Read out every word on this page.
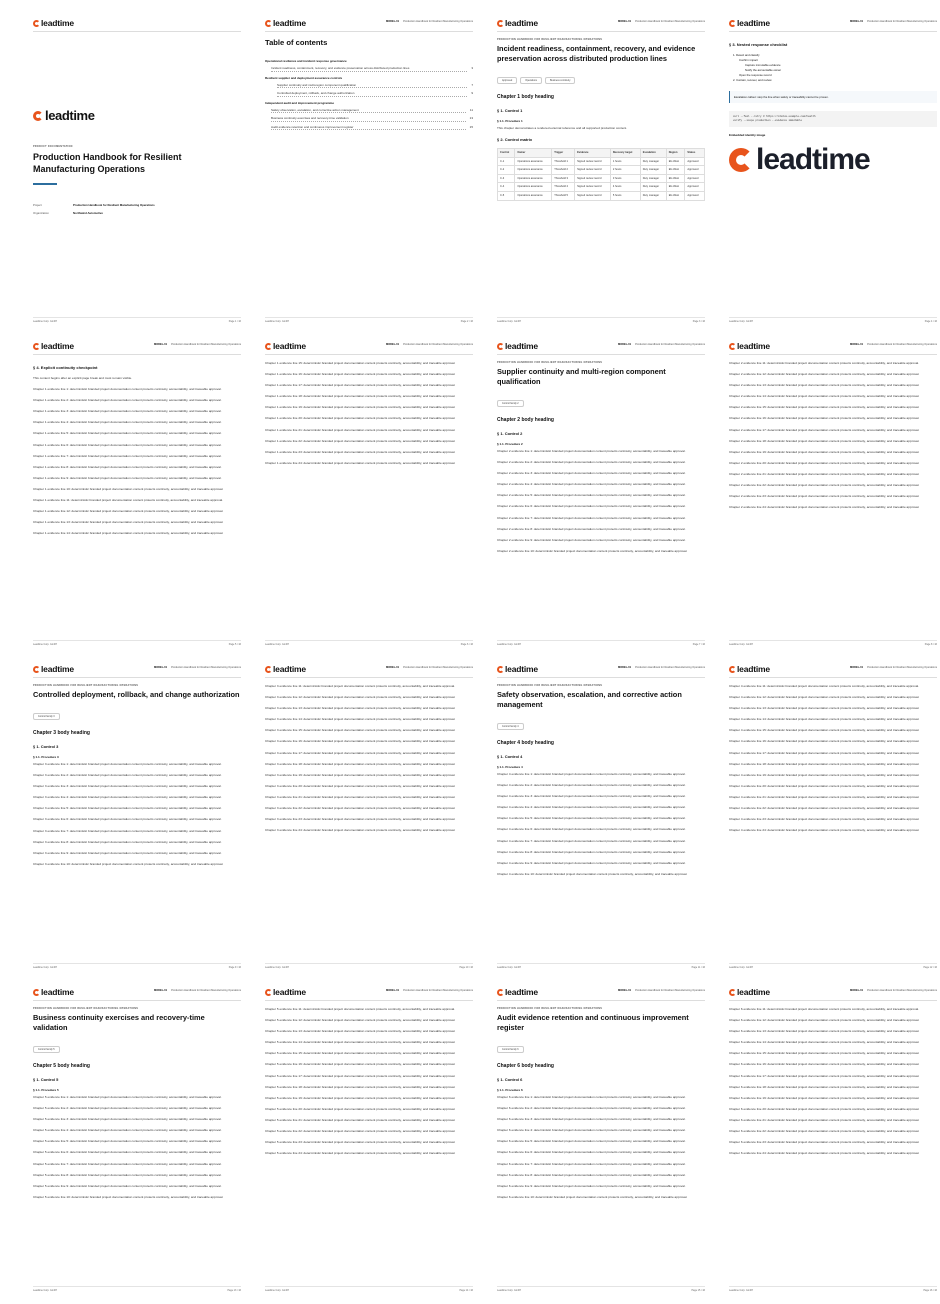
leadtime
Leadtime Corp. GmbH	Page 1 / 16
leadtime
PRODUCT DOCUMENTATION
Production Handbook for Resilient Manufacturing Operations
Project	Production Handbook for Resilient Manufacturing Operations
Organization	Northwind Automotive
leadtime	MODEL-01 Production Handbook for Resilient Manufacturing Operations
Leadtime Corp. GmbH	Page 2 / 16
Table of contents
Operational resilience and incident response governance
Incident readiness, containment, recovery, and evidence preservation across distributed production lines	3
Resilient supplier and deployment assurance controls
Supplier continuity and multi-region component qualification	7
Controlled deployment, rollback, and change authorization	9
Independent audit and improvement programme
Safety observation, escalation, and corrective action management	11
Business continuity exercises and recovery-time validation	13
Audit evidence retention and continuous improvement register	15
leadtime	MODEL-01 Production Handbook for Resilient Manufacturing Operations
Leadtime Corp. GmbH	Page 3 / 16
PRODUCTION HANDBOOK FOR RESILIENT MANUFACTURING OPERATIONS
Incident readiness, containment, recovery, and evidence preservation across distributed production lines
Approved	Operations	Business continuity
Chapter 1 body heading
§ 1. Control 1
§ 1.1. Procedure 1
This chapter demonstrates a rendered external reference and all supported production content.
§ 2. Control matrix
Control	Owner	Trigger	Evidence	Recovery target	Escalation	Region	Status
C-1	Operations assurance	Threshold 1	Signed review record	1 hours	Duty manager	EU-West	Approved
C-2	Operations assurance	Threshold 2	Signed review record	2 hours	Duty manager	EU-West	Approved
C-3	Operations assurance	Threshold 3	Signed review record	3 hours	Duty manager	EU-West	Approved
C-4	Operations assurance	Threshold 4	Signed review record	4 hours	Duty manager	EU-West	Approved
C-5	Operations assurance	Threshold 5	Signed review record	5 hours	Duty manager	EU-West	Approved
leadtime	MODEL-01 Production Handbook for Resilient Manufacturing Operations
Leadtime Corp. GmbH	Page 4 / 16
§ 3. Nested response checklist
1. Detect and classify
Confirm impact
Capture immutable evidence
Notify the accountable owner
Open the response record
2. Contain, recover, and review
Escalation callout: stop the line when safety or traceability cannot be proven.
curl --fail --retry 3 https://status.example.com/health
verify --scope production --evidence immutable
Embedded identity image
leadtime
leadtime	MODEL-01 Production Handbook for Resilient Manufacturing Operations
Leadtime Corp. GmbH	Page 5 / 16
§ 4. Explicit continuity checkpoint
This content begins after an explicit page break and must remain visible.
Chapter 1 evidence line 1: deterministic branded project documentation content protects continuity, accountability, and traceable approval.
Chapter 1 evidence line 2: deterministic branded project documentation content protects continuity, accountability, and traceable approval.
Chapter 1 evidence line 3: deterministic branded project documentation content protects continuity, accountability, and traceable approval.
Chapter 1 evidence line 4: deterministic branded project documentation content protects continuity, accountability, and traceable approval.
Chapter 1 evidence line 5: deterministic branded project documentation content protects continuity, accountability, and traceable approval.
Chapter 1 evidence line 6: deterministic branded project documentation content protects continuity, accountability, and traceable approval.
Chapter 1 evidence line 7: deterministic branded project documentation content protects continuity, accountability, and traceable approval.
Chapter 1 evidence line 8: deterministic branded project documentation content protects continuity, accountability, and traceable approval.
Chapter 1 evidence line 9: deterministic branded project documentation content protects continuity, accountability, and traceable approval.
Chapter 1 evidence line 10: deterministic branded project documentation content protects continuity, accountability, and traceable approval.
Chapter 1 evidence line 11: deterministic branded project documentation content protects continuity, accountability, and traceable approval.
Chapter 1 evidence line 12: deterministic branded project documentation content protects continuity, accountability, and traceable approval.
Chapter 1 evidence line 13: deterministic branded project documentation content protects continuity, accountability, and traceable approval.
Chapter 1 evidence line 14: deterministic branded project documentation content protects continuity, accountability, and traceable approval.
leadtime	MODEL-01 Production Handbook for Resilient Manufacturing Operations
Leadtime Corp. GmbH	Page 6 / 16
Chapter 1 evidence line 15: deterministic branded project documentation content protects continuity, accountability, and traceable approval.
Chapter 1 evidence line 16: deterministic branded project documentation content protects continuity, accountability, and traceable approval.
Chapter 1 evidence line 17: deterministic branded project documentation content protects continuity, accountability, and traceable approval.
Chapter 1 evidence line 18: deterministic branded project documentation content protects continuity, accountability, and traceable approval.
Chapter 1 evidence line 19: deterministic branded project documentation content protects continuity, accountability, and traceable approval.
Chapter 1 evidence line 20: deterministic branded project documentation content protects continuity, accountability, and traceable approval.
Chapter 1 evidence line 21: deterministic branded project documentation content protects continuity, accountability, and traceable approval.
Chapter 1 evidence line 22: deterministic branded project documentation content protects continuity, accountability, and traceable approval.
Chapter 1 evidence line 23: deterministic branded project documentation content protects continuity, accountability, and traceable approval.
Chapter 1 evidence line 24: deterministic branded project documentation content protects continuity, accountability, and traceable approval.
leadtime	MODEL-01 Production Handbook for Resilient Manufacturing Operations
Leadtime Corp. GmbH	Page 7 / 16
PRODUCTION HANDBOOK FOR RESILIENT MANUFACTURING OPERATIONS
Supplier continuity and multi-region component qualification
Control family 2
Chapter 2 body heading
§ 1. Control 2
§ 1.1. Procedure 2
Chapter 2 evidence line 1: deterministic branded project documentation content protects continuity, accountability, and traceable approval.
Chapter 2 evidence line 2: deterministic branded project documentation content protects continuity, accountability, and traceable approval.
Chapter 2 evidence line 3: deterministic branded project documentation content protects continuity, accountability, and traceable approval.
Chapter 2 evidence line 4: deterministic branded project documentation content protects continuity, accountability, and traceable approval.
Chapter 2 evidence line 5: deterministic branded project documentation content protects continuity, accountability, and traceable approval.
Chapter 2 evidence line 6: deterministic branded project documentation content protects continuity, accountability, and traceable approval.
Chapter 2 evidence line 7: deterministic branded project documentation content protects continuity, accountability, and traceable approval.
Chapter 2 evidence line 8: deterministic branded project documentation content protects continuity, accountability, and traceable approval.
Chapter 2 evidence line 9: deterministic branded project documentation content protects continuity, accountability, and traceable approval.
Chapter 2 evidence line 10: deterministic branded project documentation content protects continuity, accountability, and traceable approval.
leadtime	MODEL-01 Production Handbook for Resilient Manufacturing Operations
Leadtime Corp. GmbH	Page 8 / 16
Chapter 2 evidence line 11: deterministic branded project documentation content protects continuity, accountability, and traceable approval.
Chapter 2 evidence line 12: deterministic branded project documentation content protects continuity, accountability, and traceable approval.
Chapter 2 evidence line 13: deterministic branded project documentation content protects continuity, accountability, and traceable approval.
Chapter 2 evidence line 14: deterministic branded project documentation content protects continuity, accountability, and traceable approval.
Chapter 2 evidence line 15: deterministic branded project documentation content protects continuity, accountability, and traceable approval.
Chapter 2 evidence line 16: deterministic branded project documentation content protects continuity, accountability, and traceable approval.
Chapter 2 evidence line 17: deterministic branded project documentation content protects continuity, accountability, and traceable approval.
Chapter 2 evidence line 18: deterministic branded project documentation content protects continuity, accountability, and traceable approval.
Chapter 2 evidence line 19: deterministic branded project documentation content protects continuity, accountability, and traceable approval.
Chapter 2 evidence line 20: deterministic branded project documentation content protects continuity, accountability, and traceable approval.
Chapter 2 evidence line 21: deterministic branded project documentation content protects continuity, accountability, and traceable approval.
Chapter 2 evidence line 22: deterministic branded project documentation content protects continuity, accountability, and traceable approval.
Chapter 2 evidence line 23: deterministic branded project documentation content protects continuity, accountability, and traceable approval.
Chapter 2 evidence line 24: deterministic branded project documentation content protects continuity, accountability, and traceable approval.
leadtime	MODEL-01 Production Handbook for Resilient Manufacturing Operations
Leadtime Corp. GmbH	Page 9 / 16
PRODUCTION HANDBOOK FOR RESILIENT MANUFACTURING OPERATIONS
Controlled deployment, rollback, and change authorization
Control family 3
Chapter 3 body heading
§ 1. Control 3
§ 1.1. Procedure 3
Chapter 3 evidence line 1: deterministic branded project documentation content protects continuity, accountability, and traceable approval.
Chapter 3 evidence line 2: deterministic branded project documentation content protects continuity, accountability, and traceable approval.
Chapter 3 evidence line 3: deterministic branded project documentation content protects continuity, accountability, and traceable approval.
Chapter 3 evidence line 4: deterministic branded project documentation content protects continuity, accountability, and traceable approval.
Chapter 3 evidence line 5: deterministic branded project documentation content protects continuity, accountability, and traceable approval.
Chapter 3 evidence line 6: deterministic branded project documentation content protects continuity, accountability, and traceable approval.
Chapter 3 evidence line 7: deterministic branded project documentation content protects continuity, accountability, and traceable approval.
Chapter 3 evidence line 8: deterministic branded project documentation content protects continuity, accountability, and traceable approval.
Chapter 3 evidence line 9: deterministic branded project documentation content protects continuity, accountability, and traceable approval.
Chapter 3 evidence line 10: deterministic branded project documentation content protects continuity, accountability, and traceable approval.
leadtime	MODEL-01 Production Handbook for Resilient Manufacturing Operations
Leadtime Corp. GmbH	Page 10 / 16
Chapter 3 evidence line 11: deterministic branded project documentation content protects continuity, accountability, and traceable approval.
Chapter 3 evidence line 12: deterministic branded project documentation content protects continuity, accountability, and traceable approval.
Chapter 3 evidence line 13: deterministic branded project documentation content protects continuity, accountability, and traceable approval.
Chapter 3 evidence line 14: deterministic branded project documentation content protects continuity, accountability, and traceable approval.
Chapter 3 evidence line 15: deterministic branded project documentation content protects continuity, accountability, and traceable approval.
Chapter 3 evidence line 16: deterministic branded project documentation content protects continuity, accountability, and traceable approval.
Chapter 3 evidence line 17: deterministic branded project documentation content protects continuity, accountability, and traceable approval.
Chapter 3 evidence line 18: deterministic branded project documentation content protects continuity, accountability, and traceable approval.
Chapter 3 evidence line 19: deterministic branded project documentation content protects continuity, accountability, and traceable approval.
Chapter 3 evidence line 20: deterministic branded project documentation content protects continuity, accountability, and traceable approval.
Chapter 3 evidence line 21: deterministic branded project documentation content protects continuity, accountability, and traceable approval.
Chapter 3 evidence line 22: deterministic branded project documentation content protects continuity, accountability, and traceable approval.
Chapter 3 evidence line 23: deterministic branded project documentation content protects continuity, accountability, and traceable approval.
Chapter 3 evidence line 24: deterministic branded project documentation content protects continuity, accountability, and traceable approval.
leadtime	MODEL-01 Production Handbook for Resilient Manufacturing Operations
Leadtime Corp. GmbH	Page 11 / 16
PRODUCTION HANDBOOK FOR RESILIENT MANUFACTURING OPERATIONS
Safety observation, escalation, and corrective action management
Control family 4
Chapter 4 body heading
§ 1. Control 4
§ 1.1. Procedure 4
Chapter 4 evidence line 1: deterministic branded project documentation content protects continuity, accountability, and traceable approval.
Chapter 4 evidence line 2: deterministic branded project documentation content protects continuity, accountability, and traceable approval.
Chapter 4 evidence line 3: deterministic branded project documentation content protects continuity, accountability, and traceable approval.
Chapter 4 evidence line 4: deterministic branded project documentation content protects continuity, accountability, and traceable approval.
Chapter 4 evidence line 5: deterministic branded project documentation content protects continuity, accountability, and traceable approval.
Chapter 4 evidence line 6: deterministic branded project documentation content protects continuity, accountability, and traceable approval.
Chapter 4 evidence line 7: deterministic branded project documentation content protects continuity, accountability, and traceable approval.
Chapter 4 evidence line 8: deterministic branded project documentation content protects continuity, accountability, and traceable approval.
Chapter 4 evidence line 9: deterministic branded project documentation content protects continuity, accountability, and traceable approval.
Chapter 4 evidence line 10: deterministic branded project documentation content protects continuity, accountability, and traceable approval.
leadtime	MODEL-01 Production Handbook for Resilient Manufacturing Operations
Leadtime Corp. GmbH	Page 12 / 16
Chapter 4 evidence line 11: deterministic branded project documentation content protects continuity, accountability, and traceable approval.
Chapter 4 evidence line 12: deterministic branded project documentation content protects continuity, accountability, and traceable approval.
Chapter 4 evidence line 13: deterministic branded project documentation content protects continuity, accountability, and traceable approval.
Chapter 4 evidence line 14: deterministic branded project documentation content protects continuity, accountability, and traceable approval.
Chapter 4 evidence line 15: deterministic branded project documentation content protects continuity, accountability, and traceable approval.
Chapter 4 evidence line 16: deterministic branded project documentation content protects continuity, accountability, and traceable approval.
Chapter 4 evidence line 17: deterministic branded project documentation content protects continuity, accountability, and traceable approval.
Chapter 4 evidence line 18: deterministic branded project documentation content protects continuity, accountability, and traceable approval.
Chapter 4 evidence line 19: deterministic branded project documentation content protects continuity, accountability, and traceable approval.
Chapter 4 evidence line 20: deterministic branded project documentation content protects continuity, accountability, and traceable approval.
Chapter 4 evidence line 21: deterministic branded project documentation content protects continuity, accountability, and traceable approval.
Chapter 4 evidence line 22: deterministic branded project documentation content protects continuity, accountability, and traceable approval.
Chapter 4 evidence line 23: deterministic branded project documentation content protects continuity, accountability, and traceable approval.
Chapter 4 evidence line 24: deterministic branded project documentation content protects continuity, accountability, and traceable approval.
leadtime	MODEL-01 Production Handbook for Resilient Manufacturing Operations
Leadtime Corp. GmbH	Page 13 / 16
PRODUCTION HANDBOOK FOR RESILIENT MANUFACTURING OPERATIONS
Business continuity exercises and recovery-time validation
Control family 5
Chapter 5 body heading
§ 1. Control 5
§ 1.1. Procedure 5
Chapter 5 evidence line 1: deterministic branded project documentation content protects continuity, accountability, and traceable approval.
Chapter 5 evidence line 2: deterministic branded project documentation content protects continuity, accountability, and traceable approval.
Chapter 5 evidence line 3: deterministic branded project documentation content protects continuity, accountability, and traceable approval.
Chapter 5 evidence line 4: deterministic branded project documentation content protects continuity, accountability, and traceable approval.
Chapter 5 evidence line 5: deterministic branded project documentation content protects continuity, accountability, and traceable approval.
Chapter 5 evidence line 6: deterministic branded project documentation content protects continuity, accountability, and traceable approval.
Chapter 5 evidence line 7: deterministic branded project documentation content protects continuity, accountability, and traceable approval.
Chapter 5 evidence line 8: deterministic branded project documentation content protects continuity, accountability, and traceable approval.
Chapter 5 evidence line 9: deterministic branded project documentation content protects continuity, accountability, and traceable approval.
Chapter 5 evidence line 10: deterministic branded project documentation content protects continuity, accountability, and traceable approval.
leadtime	MODEL-01 Production Handbook for Resilient Manufacturing Operations
Leadtime Corp. GmbH	Page 14 / 16
Chapter 5 evidence line 11: deterministic branded project documentation content protects continuity, accountability, and traceable approval.
Chapter 5 evidence line 12: deterministic branded project documentation content protects continuity, accountability, and traceable approval.
Chapter 5 evidence line 13: deterministic branded project documentation content protects continuity, accountability, and traceable approval.
Chapter 5 evidence line 14: deterministic branded project documentation content protects continuity, accountability, and traceable approval.
Chapter 5 evidence line 15: deterministic branded project documentation content protects continuity, accountability, and traceable approval.
Chapter 5 evidence line 16: deterministic branded project documentation content protects continuity, accountability, and traceable approval.
Chapter 5 evidence line 17: deterministic branded project documentation content protects continuity, accountability, and traceable approval.
Chapter 5 evidence line 18: deterministic branded project documentation content protects continuity, accountability, and traceable approval.
Chapter 5 evidence line 19: deterministic branded project documentation content protects continuity, accountability, and traceable approval.
Chapter 5 evidence line 20: deterministic branded project documentation content protects continuity, accountability, and traceable approval.
Chapter 5 evidence line 21: deterministic branded project documentation content protects continuity, accountability, and traceable approval.
Chapter 5 evidence line 22: deterministic branded project documentation content protects continuity, accountability, and traceable approval.
Chapter 5 evidence line 23: deterministic branded project documentation content protects continuity, accountability, and traceable approval.
Chapter 5 evidence line 24: deterministic branded project documentation content protects continuity, accountability, and traceable approval.
leadtime	MODEL-01 Production Handbook for Resilient Manufacturing Operations
Leadtime Corp. GmbH	Page 15 / 16
PRODUCTION HANDBOOK FOR RESILIENT MANUFACTURING OPERATIONS
Audit evidence retention and continuous improvement register
Control family 6
Chapter 6 body heading
§ 1. Control 6
§ 1.1. Procedure 6
Chapter 6 evidence line 1: deterministic branded project documentation content protects continuity, accountability, and traceable approval.
Chapter 6 evidence line 2: deterministic branded project documentation content protects continuity, accountability, and traceable approval.
Chapter 6 evidence line 3: deterministic branded project documentation content protects continuity, accountability, and traceable approval.
Chapter 6 evidence line 4: deterministic branded project documentation content protects continuity, accountability, and traceable approval.
Chapter 6 evidence line 5: deterministic branded project documentation content protects continuity, accountability, and traceable approval.
Chapter 6 evidence line 6: deterministic branded project documentation content protects continuity, accountability, and traceable approval.
Chapter 6 evidence line 7: deterministic branded project documentation content protects continuity, accountability, and traceable approval.
Chapter 6 evidence line 8: deterministic branded project documentation content protects continuity, accountability, and traceable approval.
Chapter 6 evidence line 9: deterministic branded project documentation content protects continuity, accountability, and traceable approval.
Chapter 6 evidence line 10: deterministic branded project documentation content protects continuity, accountability, and traceable approval.
leadtime	MODEL-01 Production Handbook for Resilient Manufacturing Operations
Leadtime Corp. GmbH	Page 16 / 16
Chapter 6 evidence line 11: deterministic branded project documentation content protects continuity, accountability, and traceable approval.
Chapter 6 evidence line 12: deterministic branded project documentation content protects continuity, accountability, and traceable approval.
Chapter 6 evidence line 13: deterministic branded project documentation content protects continuity, accountability, and traceable approval.
Chapter 6 evidence line 14: deterministic branded project documentation content protects continuity, accountability, and traceable approval.
Chapter 6 evidence line 15: deterministic branded project documentation content protects continuity, accountability, and traceable approval.
Chapter 6 evidence line 16: deterministic branded project documentation content protects continuity, accountability, and traceable approval.
Chapter 6 evidence line 17: deterministic branded project documentation content protects continuity, accountability, and traceable approval.
Chapter 6 evidence line 18: deterministic branded project documentation content protects continuity, accountability, and traceable approval.
Chapter 6 evidence line 19: deterministic branded project documentation content protects continuity, accountability, and traceable approval.
Chapter 6 evidence line 20: deterministic branded project documentation content protects continuity, accountability, and traceable approval.
Chapter 6 evidence line 21: deterministic branded project documentation content protects continuity, accountability, and traceable approval.
Chapter 6 evidence line 22: deterministic branded project documentation content protects continuity, accountability, and traceable approval.
Chapter 6 evidence line 23: deterministic branded project documentation content protects continuity, accountability, and traceable approval.
Chapter 6 evidence line 24: deterministic branded project documentation content protects continuity, accountability, and traceable approval.
